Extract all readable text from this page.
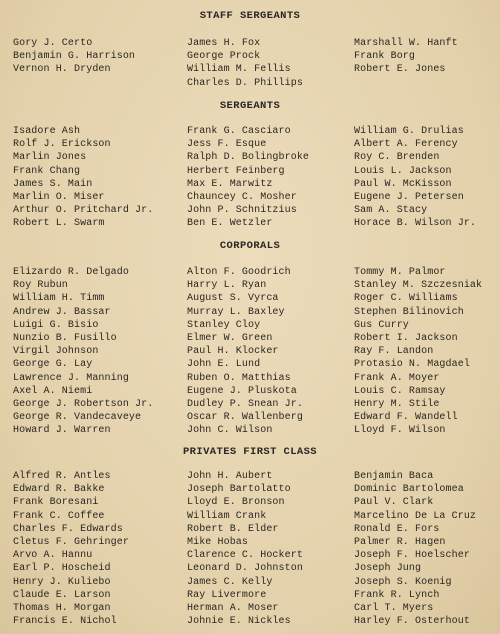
STAFF SERGEANTS
Gory J. Certo
Benjamin G. Harrison
Vernon H. Dryden
James H. Fox
George Prock
William M. Fellis
Charles D. Phillips
Marshall W. Hanft
Frank Borg
Robert E. Jones
SERGEANTS
Isadore Ash
Rolf J. Erickson
Marlin Jones
Frank Chang
James S. Main
Marlin O. Miser
Arthur O. Pritchard Jr.
Robert L. Swarm
Frank G. Casciaro
Jess F. Esque
Ralph D. Bolingbroke
Herbert Feinberg
Max E. Marwitz
Chauncey C. Mosher
John P. Schnitzius
Ben E. Wetzler
William G. Drulias
Albert A. Ferency
Roy C. Brenden
Louis L. Jackson
Paul W. McKisson
Eugene J. Petersen
Sam A. Stacy
Horace B. Wilson Jr.
CORPORALS
Elizardo R. Delgado
Roy Rubun
William H. Timm
Andrew J. Bassar
Luigi G. Bisio
Nunzio B. Fusillo
Virgil Johnson
George G. Lay
Lawrence J. Manning
Axel A. Niemi
George J. Robertson Jr.
George R. Vandecaveye
Howard J. Warren
Alton F. Goodrich
Harry L. Ryan
August S. Vyrca
Murray L. Baxley
Stanley Cloy
Elmer W. Green
Paul H. Klocker
John E. Lund
Ruben O. Matthias
Eugene J. Pluskota
Dudley P. Snean Jr.
Oscar R. Wallenberg
John C. Wilson
Tommy M. Palmor
Stanley M. Szczesniak
Roger C. Williams
Stephen Bilinovich
Gus Curry
Robert I. Jackson
Ray F. Landon
Protasio N. Magdael
Frank A. Moyer
Louis C. Ramsay
Henry M. Stile
Edward F. Wandell
Lloyd F. Wilson
PRIVATES FIRST CLASS
Alfred R. Antles
Edward R. Bakke
Frank Boresani
Frank C. Coffee
Charles F. Edwards
Cletus F. Gehringer
Arvo A. Hannu
Earl P. Hoscheid
Henry J. Kuliebo
Claude E. Larson
Thomas H. Morgan
Francis E. Nichol
John H. Aubert
Joseph Bartolatto
Lloyd E. Bronson
William Crank
Robert B. Elder
Mike Hobas
Clarence C. Hockert
Leonard D. Johnston
James C. Kelly
Ray Livermore
Herman A. Moser
Johnie E. Nickles
Benjamin Baca
Dominic Bartolomea
Paul V. Clark
Marcelino De La Cruz
Ronald E. Fors
Palmer R. Hagen
Joseph F. Hoelscher
Joseph Jung
Joseph S. Koenig
Frank R. Lynch
Carl T. Myers
Harley F. Osterhout
